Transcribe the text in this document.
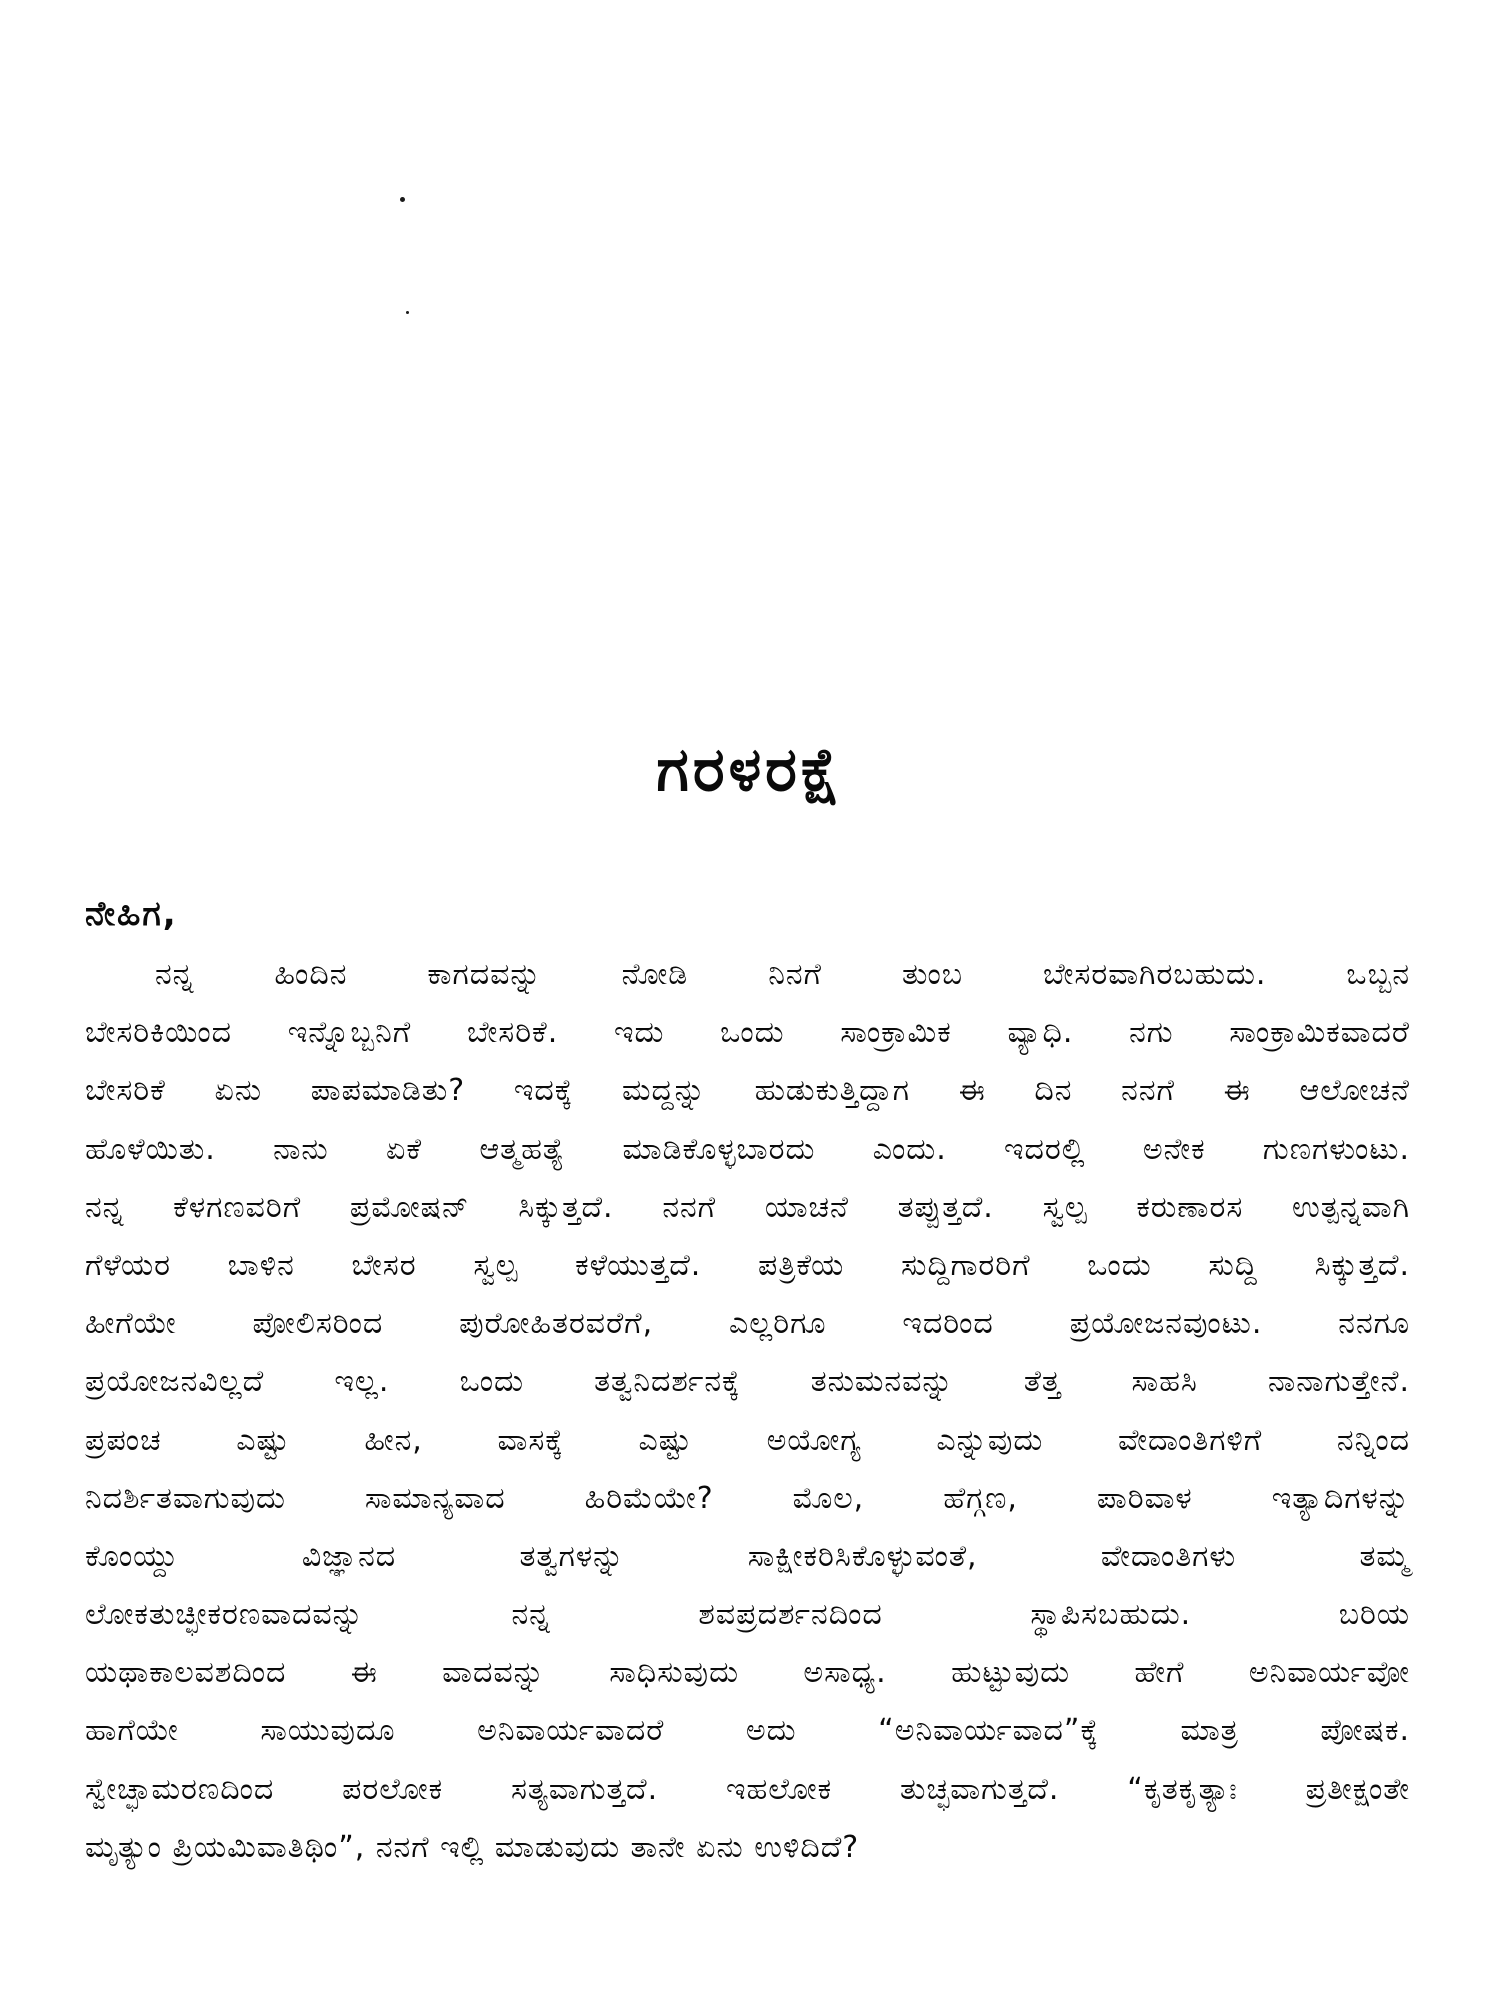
ಗರಳರಕ್ಷೆ

ನೇಹಿಗ,

ನನ್ನ ಹಿಂದಿನ ಕಾಗದವನ್ನು ನೋಡಿ ನಿನಗೆ ತುಂಬ ಬೇಸರವಾಗಿರಬಹುದು. ಒಬ್ಬನ
ಬೇಸರಿಕಿಯಿಂದ ಇನ್ನೊಬ್ಬನಿಗೆ ಬೇಸರಿಕೆ. ಇದು ಒಂದು ಸಾಂಕ್ರಾಮಿಕ ವ್ಯಾಧಿ. ನಗು ಸಾಂಕ್ರಾಮಿಕವಾದರೆ
ಬೇಸರಿಕೆ ಏನು ಪಾಪಮಾಡಿತು? ಇದಕ್ಕೆ ಮದ್ದನ್ನು ಹುಡುಕುತ್ತಿದ್ದಾಗ ಈ ದಿನ ನನಗೆ ಈ ಆಲೋಚನೆ
ಹೊಳೆಯಿತು. ನಾನು ಏಕೆ ಆತ್ಮಹತ್ಯೆ ಮಾಡಿಕೊಳ್ಳಬಾರದು ಎಂದು. ಇದರಲ್ಲಿ ಅನೇಕ ಗುಣಗಳುಂಟು.
ನನ್ನ ಕೆಳಗಣವರಿಗೆ ಪ್ರಮೋಷನ್ ಸಿಕ್ಕುತ್ತದೆ. ನನಗೆ ಯಾಚನೆ ತಪ್ಪುತ್ತದೆ. ಸ್ವಲ್ಪ ಕರುಣಾರಸ ಉತ್ಪನ್ನವಾಗಿ
ಗೆಳೆಯರ ಬಾಳಿನ ಬೇಸರ ಸ್ವಲ್ಪ ಕಳೆಯುತ್ತದೆ. ಪತ್ರಿಕೆಯ ಸುದ್ದಿಗಾರರಿಗೆ ಒಂದು ಸುದ್ದಿ ಸಿಕ್ಕುತ್ತದೆ.
ಹೀಗೆಯೇ ಪೋಲಿಸರಿಂದ ಪುರೋಹಿತರವರೆಗೆ, ಎಲ್ಲರಿಗೂ ಇದರಿಂದ ಪ್ರಯೋಜನವುಂಟು. ನನಗೂ
ಪ್ರಯೋಜನವಿಲ್ಲದೆ ಇಲ್ಲ. ಒಂದು ತತ್ವನಿದರ್ಶನಕ್ಕೆ ತನುಮನವನ್ನು ತೆತ್ತ ಸಾಹಸಿ ನಾನಾಗುತ್ತೇನೆ.
ಪ್ರಪಂಚ ಎಷ್ಟು ಹೀನ, ವಾಸಕ್ಕೆ ಎಷ್ಟು ಅಯೋಗ್ಯ ಎನ್ನುವುದು ವೇದಾಂತಿಗಳಿಗೆ ನನ್ನಿಂದ
ನಿದರ್ಶಿತವಾಗುವುದು ಸಾಮಾನ್ಯವಾದ ಹಿರಿಮೆಯೇ? ಮೊಲ, ಹೆಗ್ಗಣ, ಪಾರಿವಾಳ ಇತ್ಯಾದಿಗಳನ್ನು
ಕೊಂಯ್ದು ವಿಜ್ಞಾನದ ತತ್ವಗಳನ್ನು ಸಾಕ್ಷೀಕರಿಸಿಕೊಳ್ಳುವಂತೆ, ವೇದಾಂತಿಗಳು ತಮ್ಮ
ಲೋಕತುಚ್ಛೀಕರಣವಾದವನ್ನು ನನ್ನ ಶವಪ್ರದರ್ಶನದಿಂದ ಸ್ಥಾಪಿಸಬಹುದು. ಬರಿಯ
ಯಥಾಕಾಲವಶದಿಂದ ಈ ವಾದವನ್ನು ಸಾಧಿಸುವುದು ಅಸಾಧ್ಯ. ಹುಟ್ಟುವುದು ಹೇಗೆ ಅನಿವಾರ್ಯವೋ
ಹಾಗೆಯೇ ಸಾಯುವುದೂ ಅನಿವಾರ್ಯವಾದರೆ ಅದು “ಅನಿವಾರ್ಯವಾದ”ಕ್ಕೆ ಮಾತ್ರ ಪೋಷಕ.
ಸ್ವೇಚ್ಛಾಮರಣದಿಂದ ಪರಲೋಕ ಸತ್ಯವಾಗುತ್ತದೆ. ಇಹಲೋಕ ತುಚ್ಛವಾಗುತ್ತದೆ. “ಕೃತಕೃತ್ಯಾಃ ಪ್ರತೀಕ್ಷಂತೇ
ಮೃತ್ಯುಂ ಪ್ರಿಯಮಿವಾತಿಥಿಂ”, ನನಗೆ ಇಲ್ಲಿ ಮಾಡುವುದು ತಾನೇ ಏನು ಉಳಿದಿದೆ?
